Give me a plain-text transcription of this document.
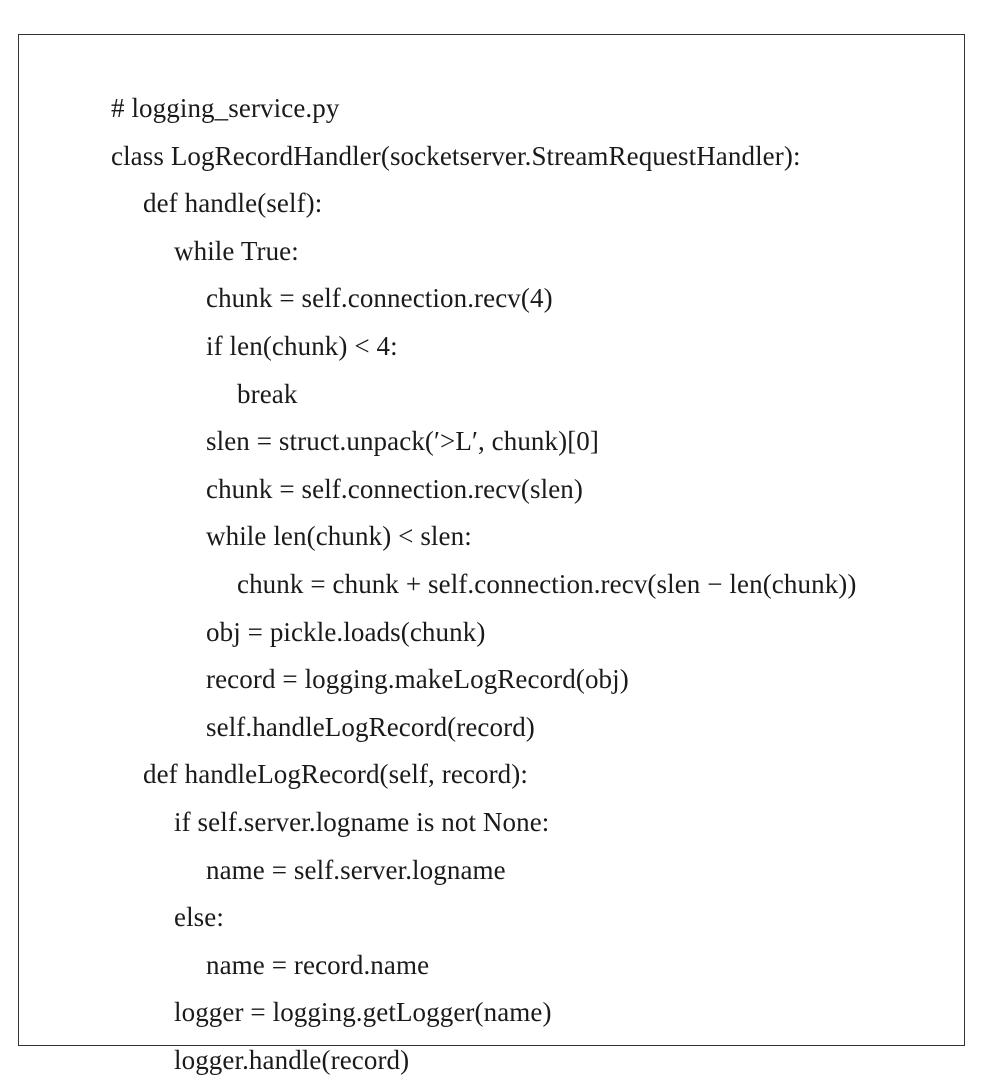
# logging_service.py
class LogRecordHandler(socketserver.StreamRequestHandler):
def handle(self):
while True:
chunk = self.connection.recv(4)
if len(chunk) < 4:
break
slen = struct.unpack(′>L′, chunk)[0]
chunk = self.connection.recv(slen)
while len(chunk) < slen:
chunk = chunk + self.connection.recv(slen − len(chunk))
obj = pickle.loads(chunk)
record = logging.makeLogRecord(obj)
self.handleLogRecord(record)
def handleLogRecord(self, record):
if self.server.logname is not None:
name = self.server.logname
else:
name = record.name
logger = logging.getLogger(name)
logger.handle(record)
